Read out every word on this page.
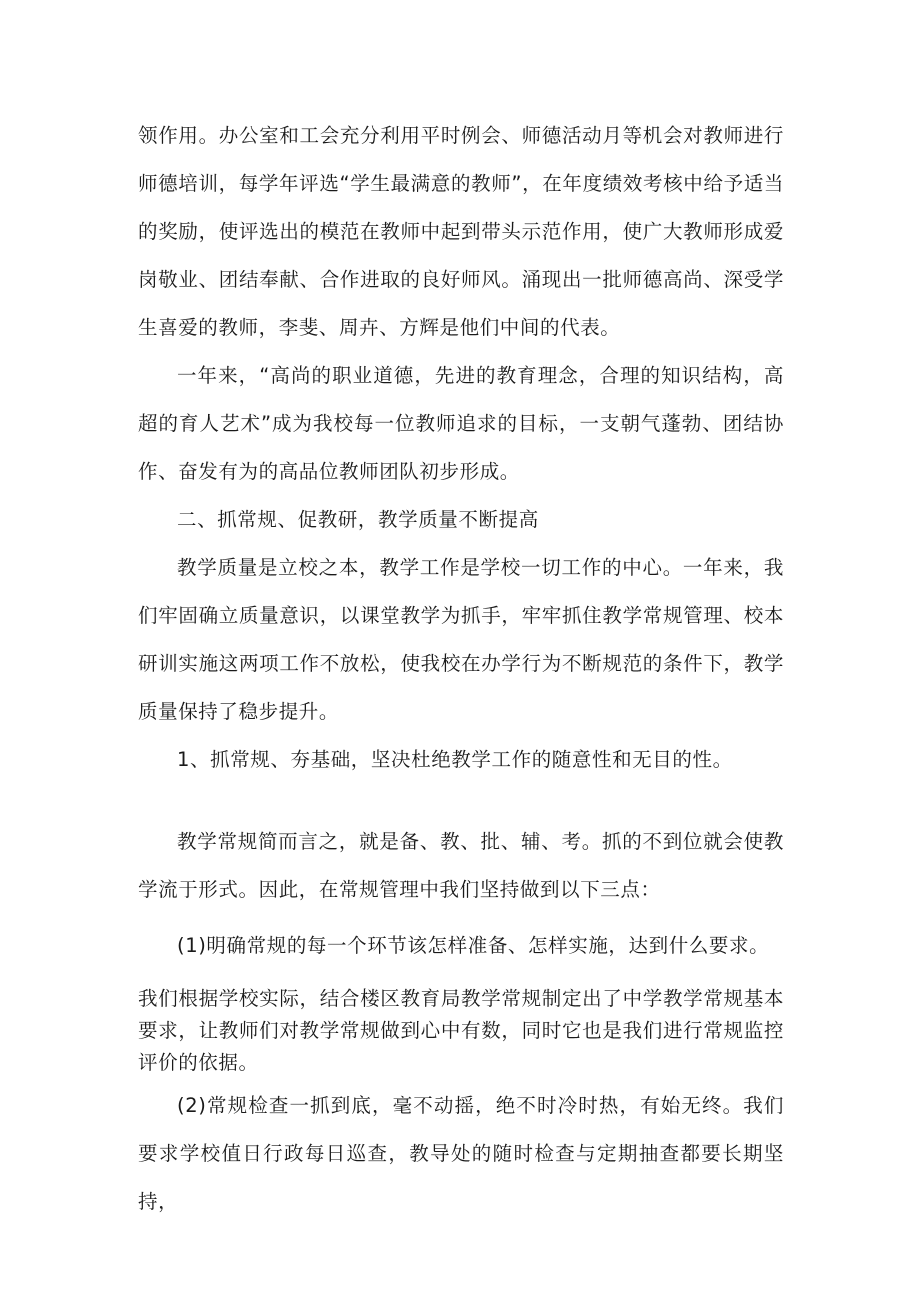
领作用。办公室和工会充分利用平时例会、师德活动月等机会对教师进行师德培训，每学年评选“学生最满意的教师”，在年度绩效考核中给予适当的奖励，使评选出的模范在教师中起到带头示范作用，使广大教师形成爱岗敬业、团结奉献、合作进取的良好师风。涌现出一批师德高尚、深受学生喜爱的教师，李斐、周卉、方辉是他们中间的代表。

一年来，“高尚的职业道德，先进的教育理念，合理的知识结构，高超的育人艺术”成为我校每一位教师追求的目标，一支朝气蓬勃、团结协作、奋发有为的高品位教师团队初步形成。

二、抓常规、促教研，教学质量不断提高

教学质量是立校之本，教学工作是学校一切工作的中心。一年来，我们牢固确立质量意识，以课堂教学为抓手，牢牢抓住教学常规管理、校本研训实施这两项工作不放松，使我校在办学行为不断规范的条件下，教学质量保持了稳步提升。

1、抓常规、夯基础，坚决杜绝教学工作的随意性和无目的性。

教学常规简而言之，就是备、教、批、辅、考。抓的不到位就会使教学流于形式。因此，在常规管理中我们坚持做到以下三点：

(1)明确常规的每一个环节该怎样准备、怎样实施，达到什么要求。

我们根据学校实际，结合楼区教育局教学常规制定出了中学教学常规基本要求，让教师们对教学常规做到心中有数，同时它也是我们进行常规监控评价的依据。

(2)常规检查一抓到底，毫不动摇，绝不时冷时热，有始无终。我们要求学校值日行政每日巡查，教导处的随时检查与定期抽查都要长期坚持，
